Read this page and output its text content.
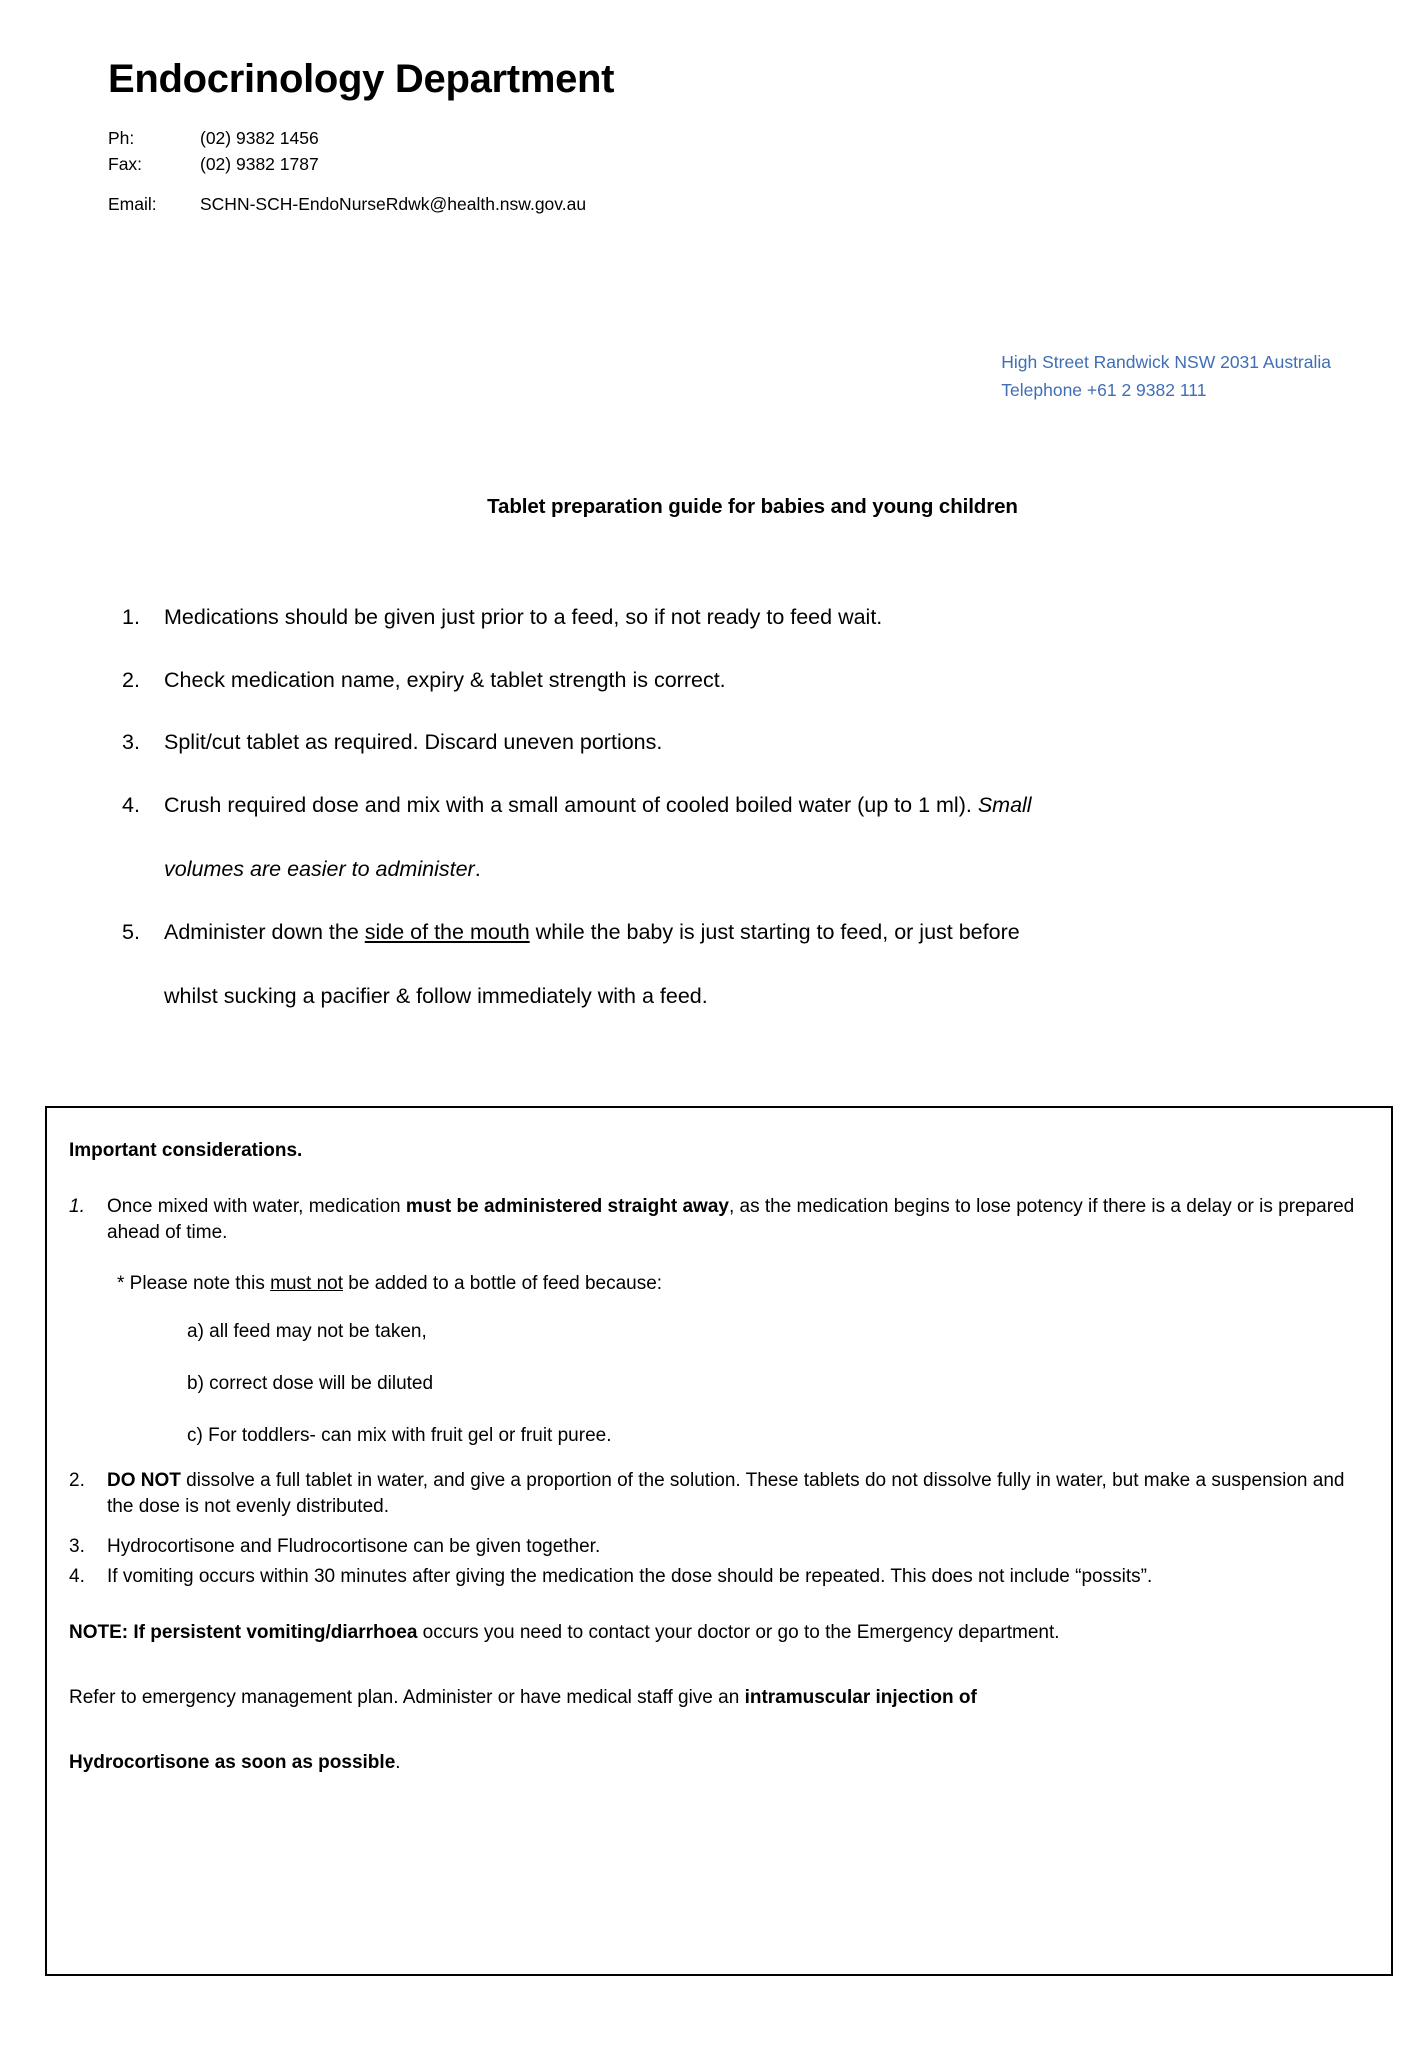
Endocrinology Department
Ph:	(02) 9382 1456
Fax:	(02) 9382 1787
Email:	SCHN-SCH-EndoNurseRdwk@health.nsw.gov.au
High Street Randwick NSW 2031 Australia
Telephone +61 2 9382 111
Tablet preparation guide for babies and young children
1.	Medications should be given just prior to a feed, so if not ready to feed wait.
2.	Check medication name, expiry & tablet strength is correct.
3.	Split/cut tablet as required. Discard uneven portions.
4.	Crush required dose and mix with a small amount of cooled boiled water (up to 1 ml). Small
volumes are easier to administer.
5.	Administer down the side of the mouth while the baby is just starting to feed, or just before
whilst sucking a pacifier & follow immediately with a feed.
Important considerations.
1.	Once mixed with water, medication must be administered straight away, as the medication begins to lose potency if there is a delay or is prepared ahead of time.
* Please note this must not be added to a bottle of feed because:
a) all feed may not be taken,
b) correct dose will be diluted
c) For toddlers- can mix with fruit gel or fruit puree.
2.	DO NOT dissolve a full tablet in water, and give a proportion of the solution. These tablets do not dissolve fully in water, but make a suspension and the dose is not evenly distributed.
3.	Hydrocortisone and Fludrocortisone can be given together.
4.	If vomiting occurs within 30 minutes after giving the medication the dose should be repeated. This does not include “possits”.

NOTE: If persistent vomiting/diarrhoea occurs you need to contact your doctor or go to the Emergency department.

Refer to emergency management plan. Administer or have medical staff give an intramuscular injection of

Hydrocortisone as soon as possible.
